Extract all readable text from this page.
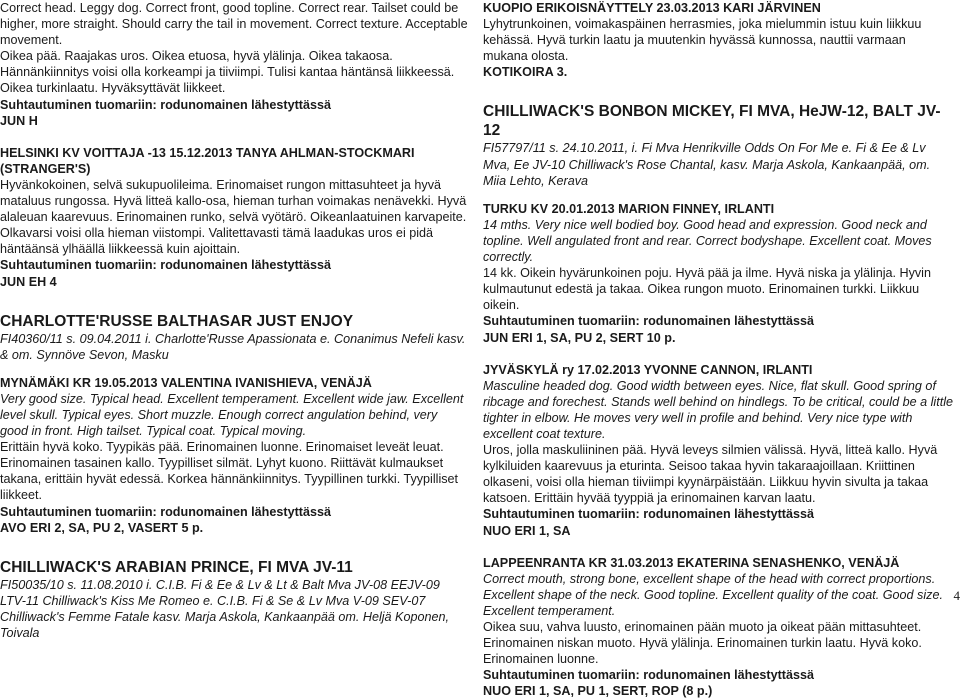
Correct head. Leggy dog. Correct front, good topline. Correct rear. Tailset could be higher, more straight. Should carry the tail in movement. Correct texture. Acceptable movement.

Oikea pää. Raajakas uros. Oikea etuosa, hyvä ylälinja. Oikea takaosa. Hännänkiinnitys voisi olla korkeampi ja tiiviimpi. Tulisi kantaa häntänsä liikkeessä. Oikea turkinlaatu. Hyväksyttävät liikkeet.

Suhtautuminen tuomariin: rodunomainen lähestyttässä

JUN H

HELSINKI KV VOITTAJA -13 15.12.2013 TANYA AHLMAN-STOCKMARI (STRANGER'S)

Hyvänkokoinen, selvä sukupuolileima. Erinomaiset rungon mittasuhteet ja hyvä mataluus rungossa. Hyvä litteä kallo-osa, hieman turhan voimakas nenävekki. Hyvä alaleuan kaarevuus. Erinomainen runko, selvä vyötärö. Oikeanlaatuinen karvapeite. Olkavarsi voisi olla hieman viistompi. Valitettavasti tämä laadukas uros ei pidä häntäänsä ylhäällä liikkeessä kuin ajoittain.

Suhtautuminen tuomariin: rodunomainen lähestyttässä

JUN EH 4

CHARLOTTE'RUSSE BALTHASAR JUST ENJOY

FI40360/11 s. 09.04.2011 i. Charlotte'Russe Apassionata e. Conanimus Nefeli kasv. & om. Synnöve Sevon, Masku

MYNÄMÄKI KR 19.05.2013 VALENTINA IVANISHIEVA, VENÄJÄ

Very good size. Typical head. Excellent temperament. Excellent wide jaw. Excellent level skull. Typical eyes. Short muzzle. Enough correct angulation behind, very good in front. High tailset. Typical coat. Typical moving.

Erittäin hyvä koko. Tyypikäs pää. Erinomainen luonne. Erinomaiset leveät leuat. Erinomainen tasainen kallo. Tyypilliset silmät. Lyhyt kuono. Riittävät kulmaukset takana, erittäin hyvät edessä. Korkea hännänkiinnitys. Tyypillinen turkki. Tyypilliset liikkeet.

Suhtautuminen tuomariin: rodunomainen lähestyttässä

AVO ERI 2, SA, PU 2, VASERT 5 p.

CHILLIWACK'S ARABIAN PRINCE, FI MVA JV-11

FI50035/10 s. 11.08.2010 i. C.I.B. Fi & Ee & Lv & Lt & Balt Mva JV-08 EEJV-09 LTV-11 Chilliwack's Kiss Me Romeo e. C.I.B. Fi & Se & Lv Mva V-09 SEV-07 Chilliwack's Femme Fatale kasv. Marja Askola, Kankaanpää om. Heljä Koponen, Toivala

KUOPIO ERIKOISNÄYTTELY 23.03.2013 KARI JÄRVINEN

Lyhytrunkoinen, voimakaspäinen herrasmies, joka mielummin istuu kuin liikkuu kehässä. Hyvä turkin laatu ja muutenkin hyvässä kunnossa, nauttii varmaan mukana olosta.

KOTIKOIRA 3.

CHILLIWACK'S BONBON MICKEY, FI MVA, HeJW-12, BALT JV-12

FI57797/11 s. 24.10.2011, i. Fi Mva Henrikville Odds On For Me e. Fi & Ee & Lv Mva, Ee JV-10 Chilliwack's Rose Chantal, kasv. Marja Askola, Kankaanpää, om. Miia Lehto, Kerava

TURKU KV 20.01.2013 MARION FINNEY, IRLANTI

14 mths. Very nice well bodied boy. Good head and expression. Good neck and topline. Well angulated front and rear. Correct bodyshape. Excellent coat. Moves correctly.

14 kk. Oikein hyvärunkoinen poju. Hyvä pää ja ilme. Hyvä niska ja ylälinja. Hyvin kulmautunut edestä ja takaa. Oikea rungon muoto. Erinomainen turkki. Liikkuu oikein.

Suhtautuminen tuomariin: rodunomainen lähestyttässä

JUN ERI 1, SA, PU 2, SERT 10 p.

JYVÄSKYLÄ ry 17.02.2013 YVONNE CANNON, IRLANTI

Masculine headed dog. Good width between eyes. Nice, flat skull. Good spring of ribcage and forechest. Stands well behind on hindlegs. To be critical, could be a little tighter in elbow. He moves very well in profile and behind. Very nice type with excellent coat texture.

Uros, jolla maskuliininen pää. Hyvä leveys silmien välissä. Hyvä, litteä kallo. Hyvä kylkiluiden kaarevuus ja eturinta. Seisoo takaa hyvin takaraajoillaan. Kriittinen olkaseni, voisi olla hieman tiiviimpi kyynärpäistään. Liikkuu hyvin sivulta ja takaa katsoen. Erittäin hyvää tyyppiä ja erinomainen karvan laatu.

Suhtautuminen tuomariin: rodunomainen lähestyttässä

NUO ERI 1, SA

LAPPEENRANTA KR 31.03.2013 EKATERINA SENASHENKO, VENÄJÄ

Correct mouth, strong bone, excellent shape of the head with correct proportions. Excellent shape of the neck. Good topline. Excellent quality of the coat. Good size. Excellent temperament.

Oikea suu, vahva luusto, erinomainen pään muoto ja oikeat pään mittasuhteet. Erinomainen niskan muoto. Hyvä ylälinja. Erinomainen turkin laatu. Hyvä koko. Erinomainen luonne.

Suhtautuminen tuomariin: rodunomainen lähestyttässä

NUO ERI 1, SA, PU 1, SERT, ROP (8 p.)

4
